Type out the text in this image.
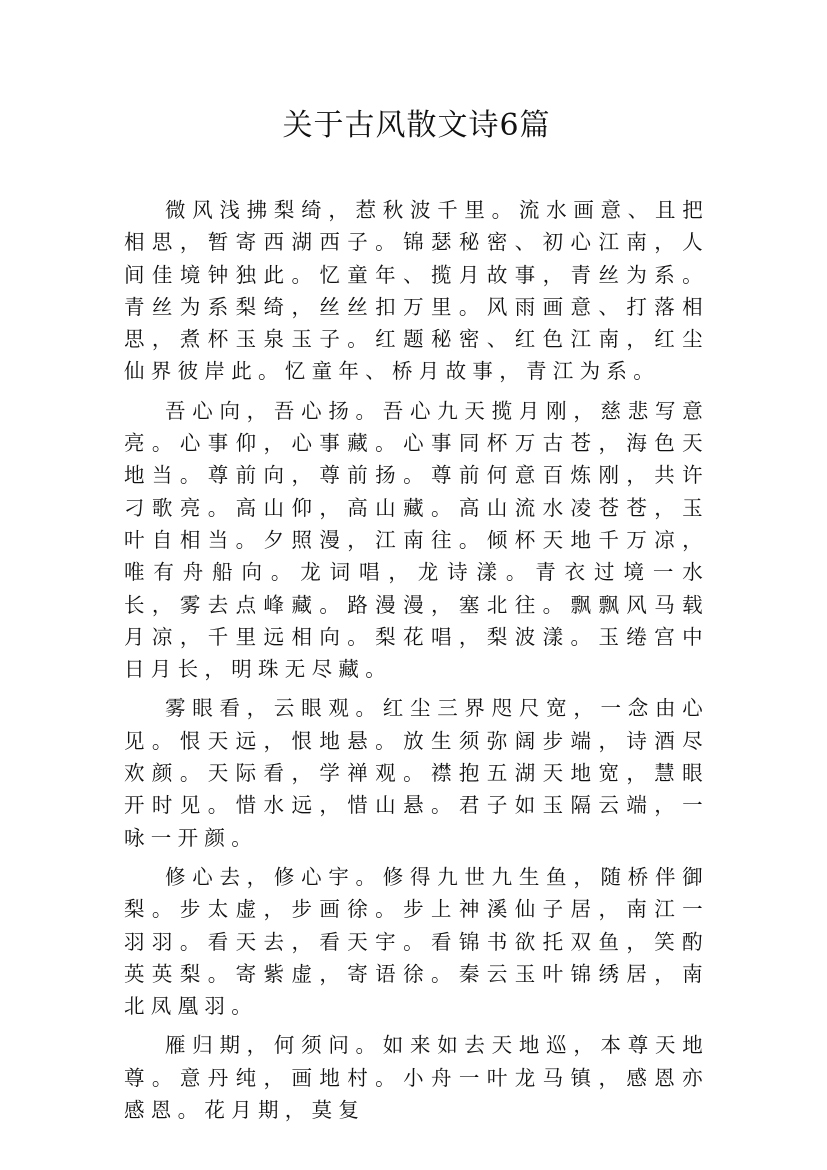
关于古风散文诗6篇

微风浅拂梨绮，惹秋波千里。流水画意、且把相思，暂寄西湖西子。锦瑟秘密、初心江南，人间佳境钟独此。忆童年、揽月故事，青丝为系。青丝为系梨绮，丝丝扣万里。风雨画意、打落相思，煮杯玉泉玉子。红题秘密、红色江南，红尘仙界彼岸此。忆童年、桥月故事，青江为系。

吾心向，吾心扬。吾心九天揽月刚，慈悲写意亮。心事仰，心事藏。心事同杯万古苍，海色天地当。尊前向，尊前扬。尊前何意百炼刚，共许刁歌亮。高山仰，高山藏。高山流水凌苍苍，玉叶自相当。夕照漫，江南往。倾杯天地千万凉，唯有舟船向。龙词唱，龙诗漾。青衣过境一水长，雾去点峰藏。路漫漫，塞北往。飘飘风马载月凉，千里远相向。梨花唱，梨波漾。玉绻宫中日月长，明珠无尽藏。

雾眼看，云眼观。红尘三界咫尺宽，一念由心见。恨天远，恨地悬。放生须弥阔步端，诗酒尽欢颜。天际看，学禅观。襟抱五湖天地宽，慧眼开时见。惜水远，惜山悬。君子如玉隔云端，一咏一开颜。

修心去，修心宇。修得九世九生鱼，随桥伴御梨。步太虚，步画徐。步上神溪仙子居，南江一羽羽。看天去，看天宇。看锦书欲托双鱼，笑酌英英梨。寄紫虚，寄语徐。秦云玉叶锦绣居，南北凤凰羽。

雁归期，何须问。如来如去天地巡，本尊天地尊。意丹纯，画地村。小舟一叶龙马镇，感恩亦感恩。花月期，莫复
